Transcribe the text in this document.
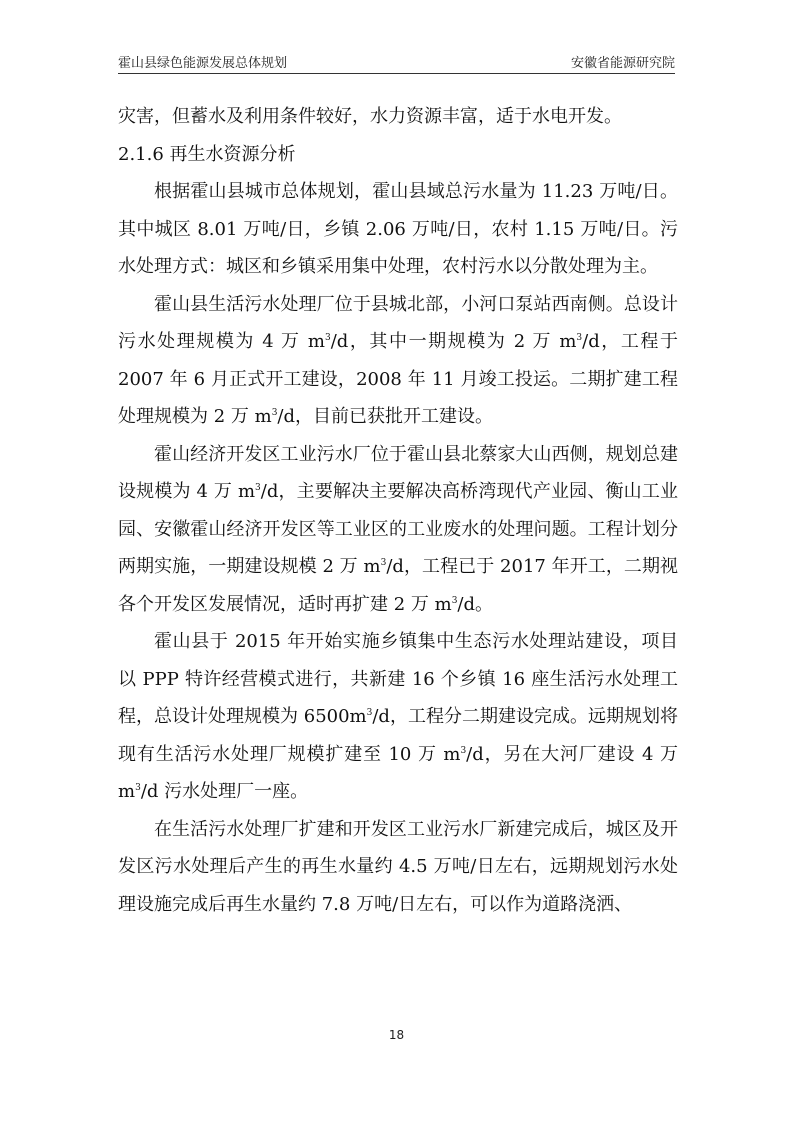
霍山县绿色能源发展总体规划	安徽省能源研究院

灾害，但蓄水及利用条件较好，水力资源丰富，适于水电开发。

2.1.6 再生水资源分析

根据霍山县城市总体规划，霍山县域总污水量为 11.23 万吨/日。其中城区 8.01 万吨/日，乡镇 2.06 万吨/日，农村 1.15 万吨/日。污水处理方式：城区和乡镇采用集中处理，农村污水以分散处理为主。

霍山县生活污水处理厂位于县城北部，小河口泵站西南侧。总设计污水处理规模为 4 万 $m^3/d$，其中一期规模为 2 万 $m^3/d$，工程于 2007 年 6 月正式开工建设，2008 年 11 月竣工投运。二期扩建工程处理规模为 2 万 $m^3/d$，目前已获批开工建设。

霍山经济开发区工业污水厂位于霍山县北蔡家大山西侧，规划总建设规模为 4 万 $m^3/d$，主要解决主要解决高桥湾现代产业园、衡山工业园、安徽霍山经济开发区等工业区的工业废水的处理问题。工程计划分两期实施，一期建设规模 2 万 $m^3/d$，工程已于 2017 年开工，二期视各个开发区发展情况，适时再扩建 2 万 $m^3/d$。

霍山县于 2015 年开始实施乡镇集中生态污水处理站建设，项目以 PPP 特许经营模式进行，共新建 16 个乡镇 16 座生活污水处理工程，总设计处理规模为 $6500m^3/d$，工程分二期建设完成。远期规划将现有生活污水处理厂规模扩建至 10 万 $m^3/d$，另在大河厂建设 4 万 $m^3/d$ 污水处理厂一座。

在生活污水处理厂扩建和开发区工业污水厂新建完成后，城区及开发区污水处理后产生的再生水量约 4.5 万吨/日左右，远期规划污水处理设施完成后再生水量约 7.8 万吨/日左右，可以作为道路浇洒、

18
